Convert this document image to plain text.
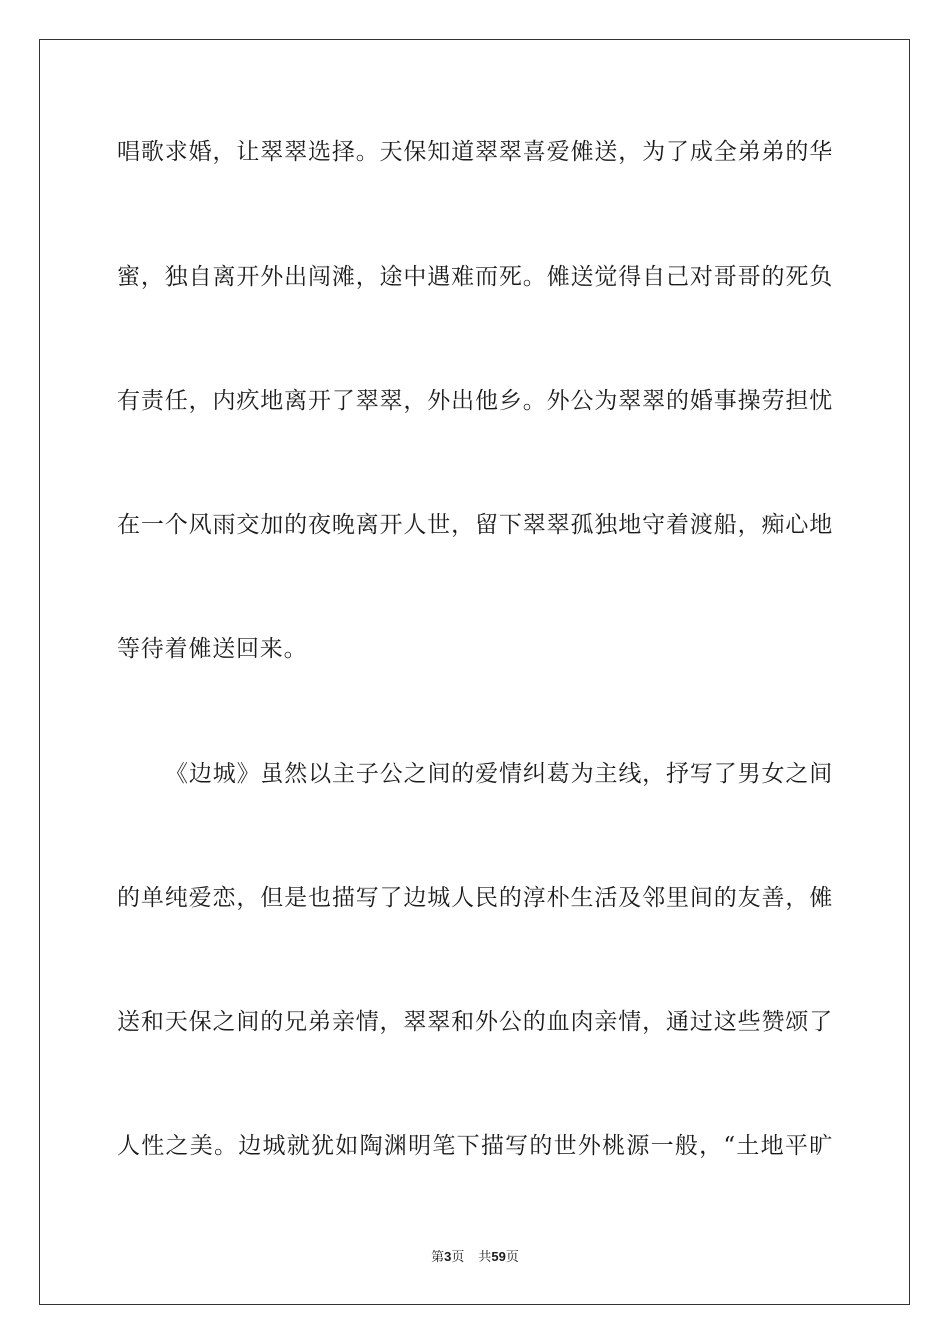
唱歌求婚，让翠翠选择。天保知道翠翠喜爱傩送，为了成全弟弟的华
蜜，独自离开外出闯滩，途中遇难而死。傩送觉得自己对哥哥的死负
有责任，内疚地离开了翠翠，外出他乡。外公为翠翠的婚事操劳担忧
在一个风雨交加的夜晚离开人世，留下翠翠孤独地守着渡船，痴心地
等待着傩送回来。
《边城》虽然以主子公之间的爱情纠葛为主线，抒写了男女之间
的单纯爱恋，但是也描写了边城人民的淳朴生活及邻里间的友善，傩
送和天保之间的兄弟亲情，翠翠和外公的血肉亲情，通过这些赞颂了
人性之美。边城就犹如陶渊明笔下描写的世外桃源一般，“土地平旷
第3页 共59页
